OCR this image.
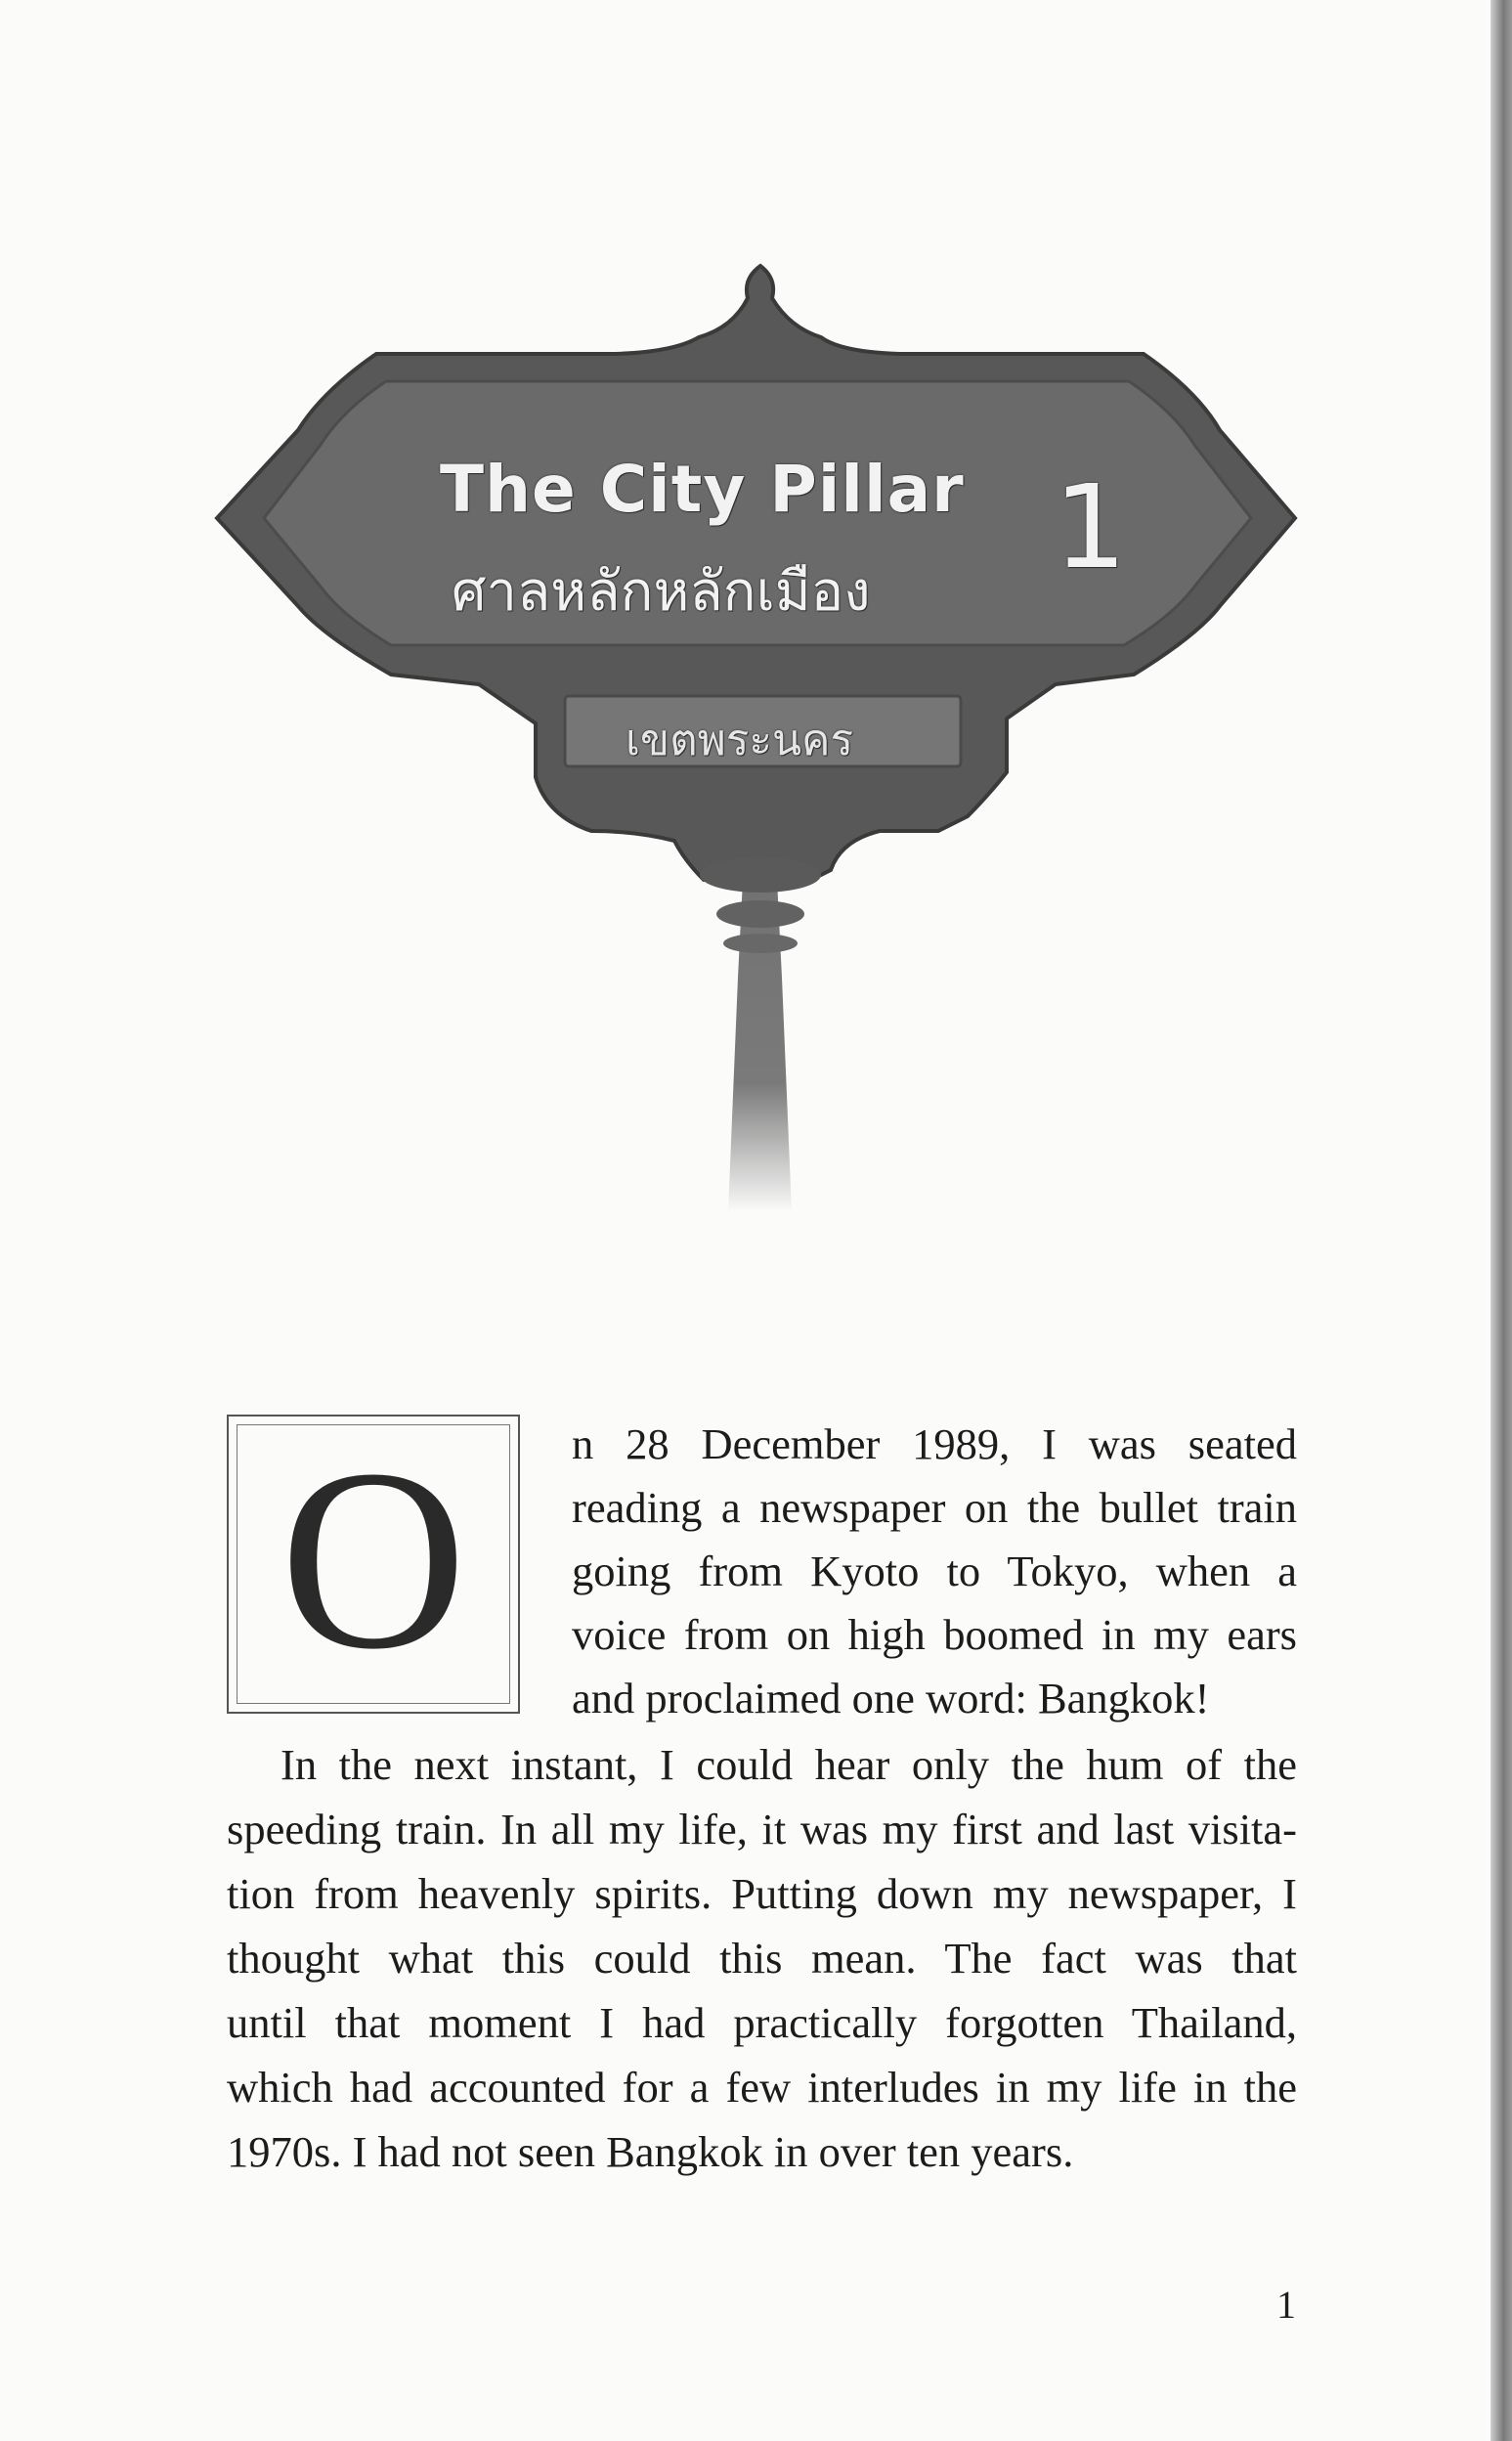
The City Pillar
ศาลหลักหลักเมือง 1
เขตพระนคร
O	n 28 December 1989, I was seated
reading a newspaper on the bullet train
going from Kyoto to Tokyo, when a
voice from on high boomed in my ears
and proclaimed one word: Bangkok!
In the next instant, I could hear only the hum of the
speeding train. In all my life, it was my first and last visita-
tion from heavenly spirits. Putting down my newspaper, I
thought what this could this mean. The fact was that
until that moment I had practically forgotten Thailand,
which had accounted for a few interludes in my life in the
1970s. I had not seen Bangkok in over ten years.
1
